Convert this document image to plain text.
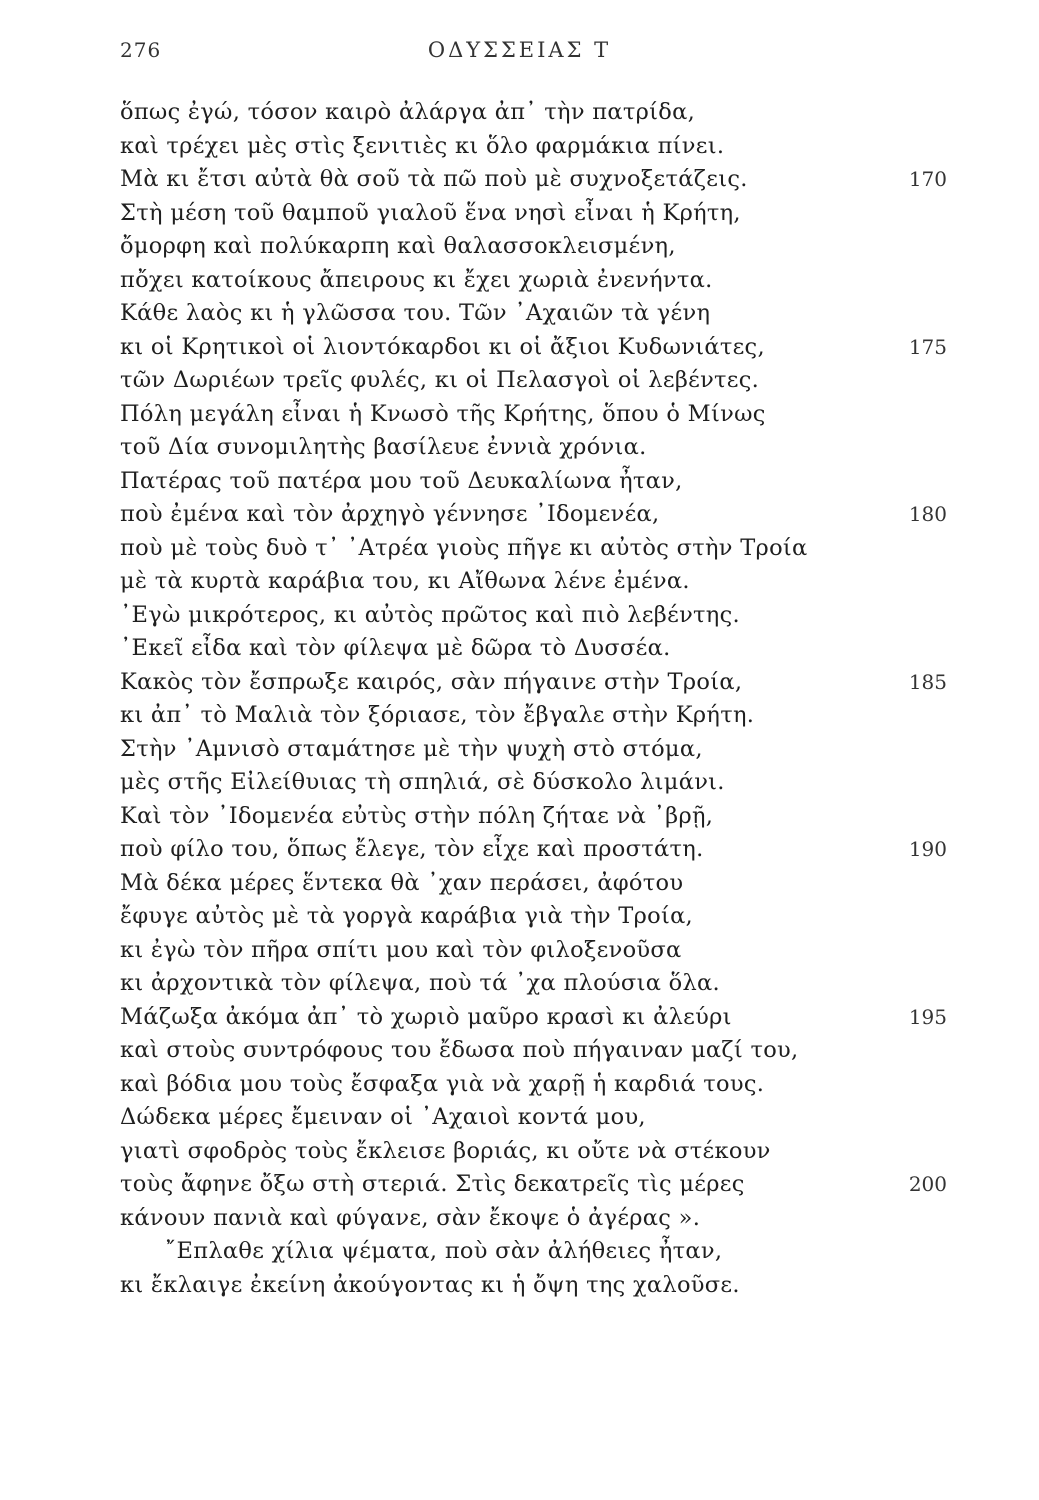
276	ΟΔΥΣΣΕΙΑΣ Τ
ὅπως ἐγώ, τόσον καιρὸ ἀλάργα ἀπ᾽ τὴν πατρίδα,
καὶ τρέχει μὲς στὶς ξενιτιὲς κι ὅλο φαρμάκια πίνει.
Μὰ κι ἔτσι αὐτὰ θὰ σοῦ τὰ πῶ ποὺ μὲ συχνοξετάζεις.	170
Στὴ μέση τοῦ θαμποῦ γιαλοῦ ἕνα νησὶ εἶναι ἡ Κρήτη,
ὄμορφη καὶ πολύκαρπη καὶ θαλασσοκλεισμένη,
πὄχει κατοίκους ἄπειρους κι ἔχει χωριὰ ἐνενήντα.
Κάθε λαὸς κι ἡ γλῶσσα του. Τῶν ᾿Αχαιῶν τὰ γένη
κι οἱ Κρητικοὶ οἱ λιοντόκαρδοι κι οἱ ἄξιοι Κυδωνιάτες,	175
τῶν Δωριέων τρεῖς φυλές, κι οἱ Πελασγοὶ οἱ λεβέντες.
Πόλη μεγάλη εἶναι ἡ Κνωσὸ τῆς Κρήτης, ὅπου ὁ Μίνως
τοῦ Δία συνομιλητὴς βασίλευε ἐννιὰ χρόνια.
Πατέρας τοῦ πατέρα μου τοῦ Δευκαλίωνα ἦταν,
ποὺ ἐμένα καὶ τὸν ἀρχηγὸ γέννησε ᾿Ιδομενέα,	180
ποὺ μὲ τοὺς δυὸ τ᾽ ᾿Ατρέα γιοὺς πῆγε κι αὐτὸς στὴν Τροία
μὲ τὰ κυρτὰ καράβια του, κι Αἴθωνα λένε ἐμένα.
᾿Εγὼ μικρότερος, κι αὐτὸς πρῶτος καὶ πιὸ λεβέντης.
᾿Εκεῖ εἶδα καὶ τὸν φίλεψα μὲ δῶρα τὸ Δυσσέα.
Κακὸς τὸν ἔσπρωξε καιρός, σὰν πήγαινε στὴν Τροία,	185
κι ἀπ᾽ τὸ Μαλιὰ τὸν ξόριασε, τὸν ἔβγαλε στὴν Κρήτη.
Στὴν ᾿Αμνισὸ σταμάτησε μὲ τὴν ψυχὴ στὸ στόμα,
μὲς στῆς Εἰλείθυιας τὴ σπηλιά, σὲ δύσκολο λιμάνι.
Καὶ τὸν ᾿Ιδομενέα εὐτὺς στὴν πόλη ζήταε νὰ ᾿βρῇ,
ποὺ φίλο του, ὅπως ἔλεγε, τὸν εἶχε καὶ προστάτη.	190
Μὰ δέκα μέρες ἕντεκα θὰ ᾿χαν περάσει, ἀφότου
ἔφυγε αὐτὸς μὲ τὰ γοργὰ καράβια γιὰ τὴν Τροία,
κι ἐγὼ τὸν πῆρα σπίτι μου καὶ τὸν φιλοξενοῦσα
κι ἀρχοντικὰ τὸν φίλεψα, ποὺ τά ᾿χα πλούσια ὅλα.
Μάζωξα ἀκόμα ἀπ᾽ τὸ χωριὸ μαῦρο κρασὶ κι ἀλεύρι	195
καὶ στοὺς συντρόφους του ἔδωσα ποὺ πήγαιναν μαζί του,
καὶ βόδια μου τοὺς ἔσφαξα γιὰ νὰ χαρῇ ἡ καρδιά τους.
Δώδεκα μέρες ἔμειναν οἱ ᾿Αχαιοὶ κοντά μου,
γιατὶ σφοδρὸς τοὺς ἔκλεισε βοριάς, κι οὔτε νὰ στέκουν
τοὺς ἄφηνε ὄξω στὴ στεριά. Στὶς δεκατρεῖς τὶς μέρες	200
κάνουν πανιὰ καὶ φύγανε, σὰν ἔκοψε ὁ ἀγέρας ».
῎Επλαθε χίλια ψέματα, ποὺ σὰν ἀλήθειες ἦταν,
κι ἔκλαιγε ἐκείνη ἀκούγοντας κι ἡ ὄψη της χαλοῦσε.
